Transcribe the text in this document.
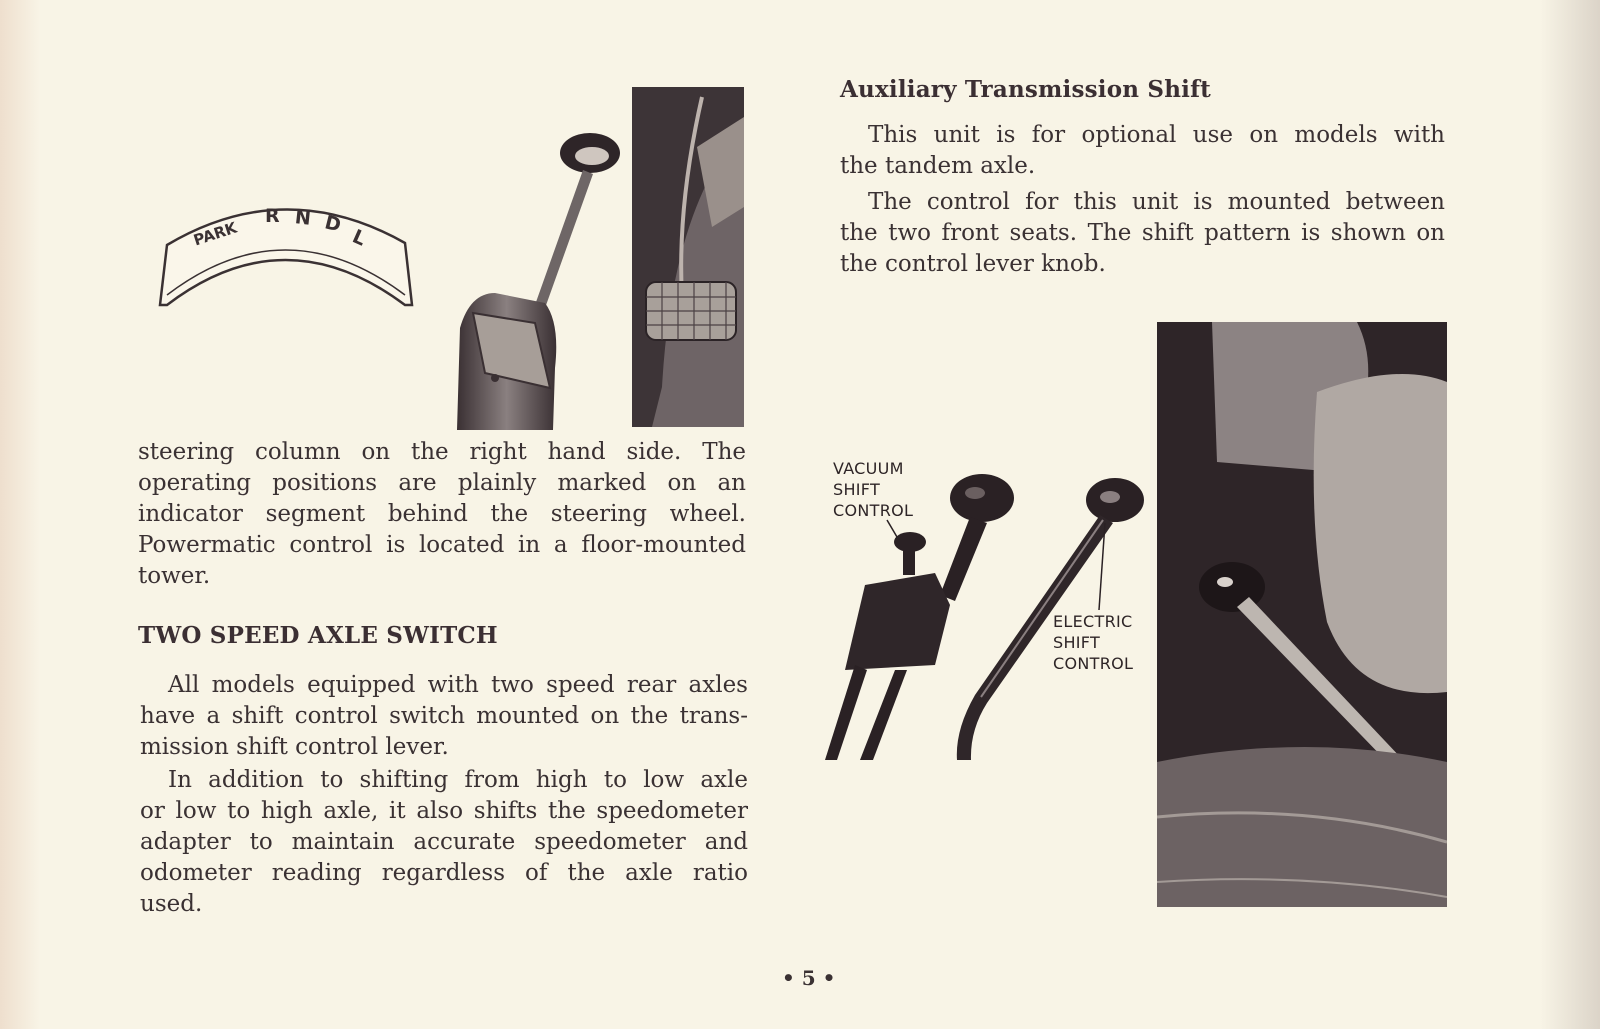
PARK
R N D
L

steering column on the right hand side. The

operating positions are plainly marked on an

indicator segment behind the steering wheel.

Powermatic control is located in a floor-mounted

tower.

TWO SPEED AXLE SWITCH

All models equipped with two speed rear axles

have a shift control switch mounted on the trans-

mission shift control lever.

In addition to shifting from high to low axle

or low to high axle, it also shifts the speedometer

adapter to maintain accurate speedometer and

odometer reading regardless of the axle ratio

used.

Auxiliary Transmission Shift

This unit is for optional use on models with

the tandem axle.

The control for this unit is mounted between

the two front seats. The shift pattern is shown on

the control lever knob.

VACUUM
SHIFT
CONTROL
ELECTRIC
SHIFT
CONTROL
• 5 •
